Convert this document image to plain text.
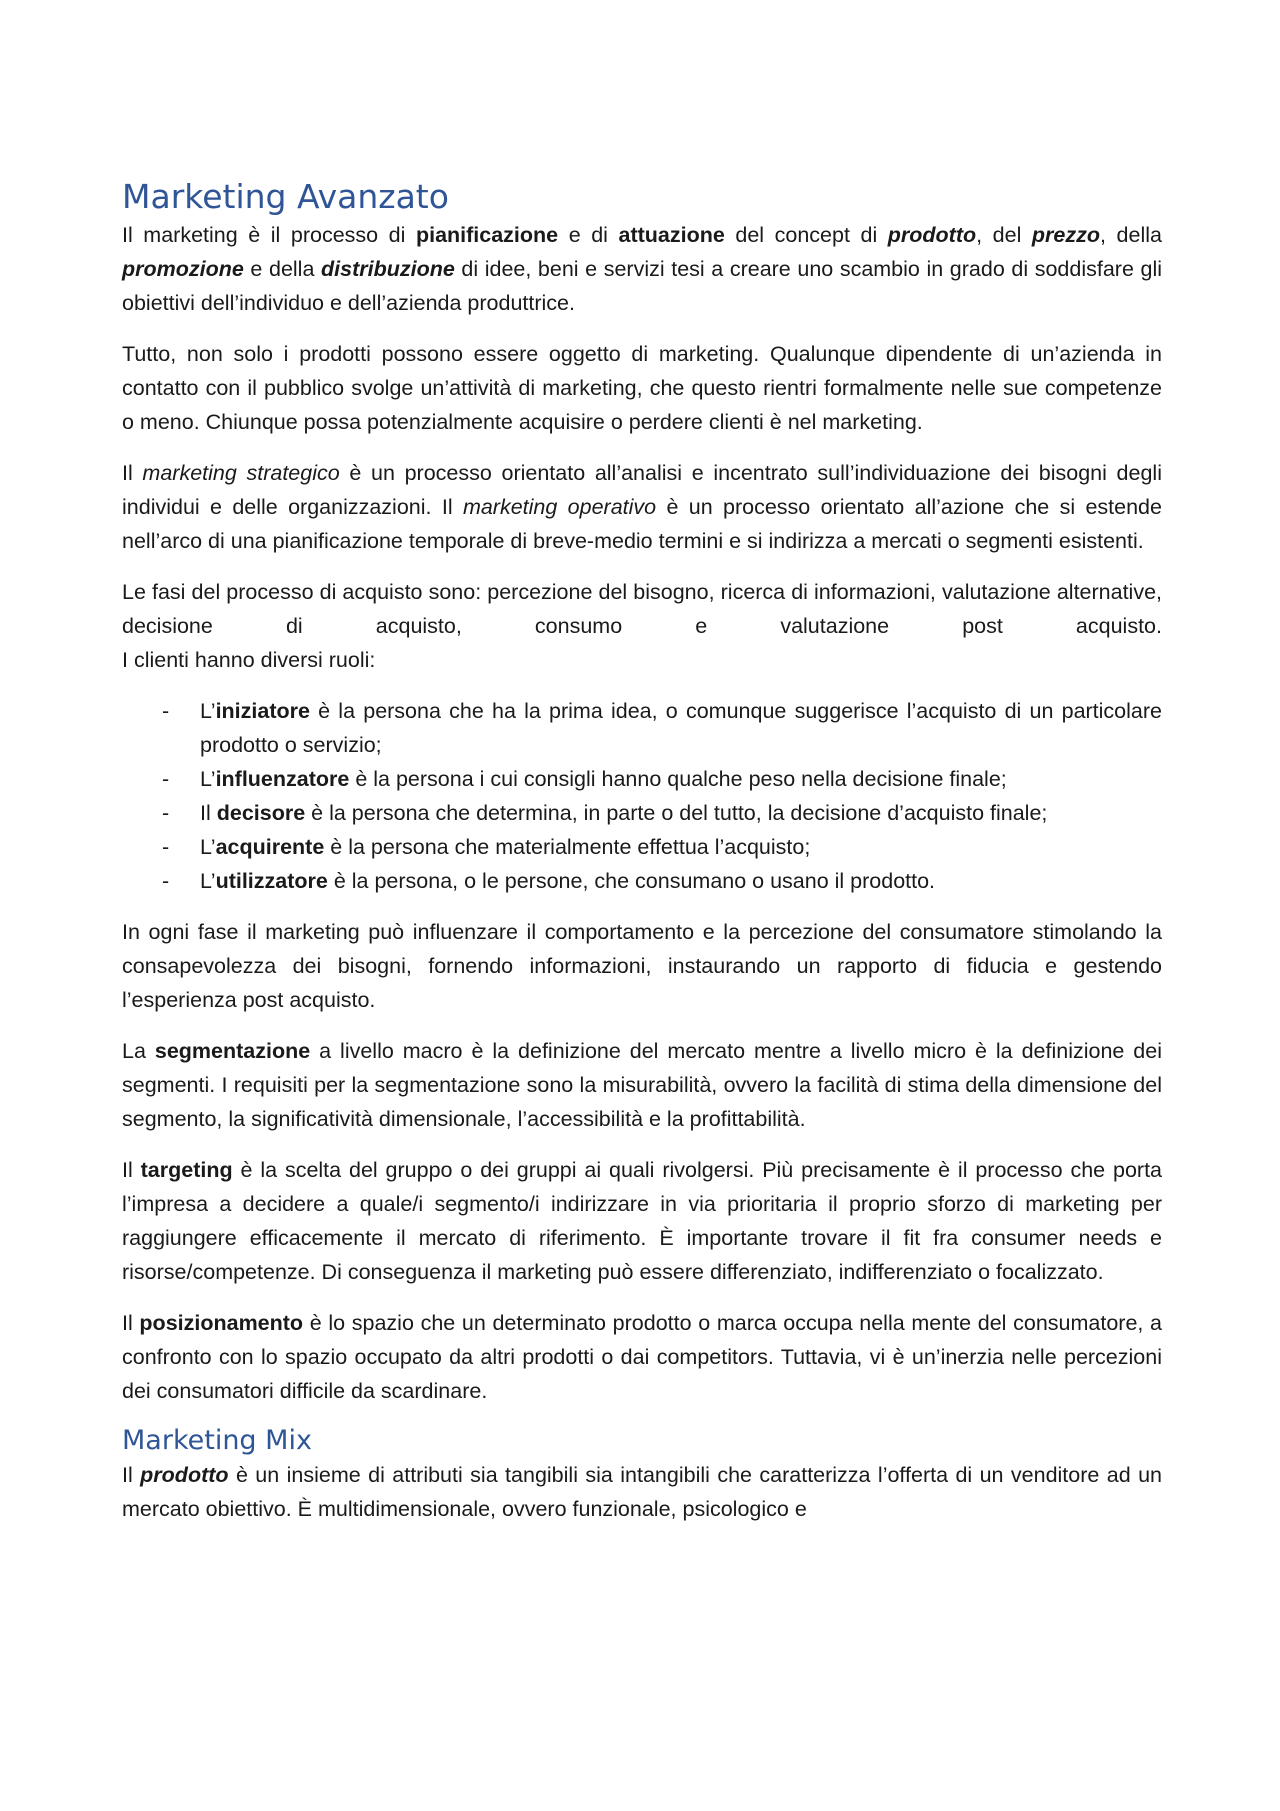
Marketing Avanzato

Il marketing è il processo di pianificazione e di attuazione del concept di prodotto, del prezzo, della promozione e della distribuzione di idee, beni e servizi tesi a creare uno scambio in grado di soddisfare gli obiettivi dell’individuo e dell’azienda produttrice.

Tutto, non solo i prodotti possono essere oggetto di marketing. Qualunque dipendente di un’azienda in contatto con il pubblico svolge un’attività di marketing, che questo rientri formalmente nelle sue competenze o meno. Chiunque possa potenzialmente acquisire o perdere clienti è nel marketing.

Il marketing strategico è un processo orientato all’analisi e incentrato sull’individuazione dei bisogni degli individui e delle organizzazioni. Il marketing operativo è un processo orientato all’azione che si estende nell’arco di una pianificazione temporale di breve-medio termini e si indirizza a mercati o segmenti esistenti.

Le fasi del processo di acquisto sono: percezione del bisogno, ricerca di informazioni, valutazione alternative, decisione di acquisto, consumo e valutazione post acquisto.
I clienti hanno diversi ruoli:

- L’iniziatore è la persona che ha la prima idea, o comunque suggerisce l’acquisto di un particolare prodotto o servizio;
- L’influenzatore è la persona i cui consigli hanno qualche peso nella decisione finale;
- Il decisore è la persona che determina, in parte o del tutto, la decisione d’acquisto finale;
- L’acquirente è la persona che materialmente effettua l’acquisto;
- L’utilizzatore è la persona, o le persone, che consumano o usano il prodotto.

In ogni fase il marketing può influenzare il comportamento e la percezione del consumatore stimolando la consapevolezza dei bisogni, fornendo informazioni, instaurando un rapporto di fiducia e gestendo l’esperienza post acquisto.

La segmentazione a livello macro è la definizione del mercato mentre a livello micro è la definizione dei segmenti. I requisiti per la segmentazione sono la misurabilità, ovvero la facilità di stima della dimensione del segmento, la significatività dimensionale, l’accessibilità e la profittabilità.

Il targeting è la scelta del gruppo o dei gruppi ai quali rivolgersi. Più precisamente è il processo che porta l’impresa a decidere a quale/i segmento/i indirizzare in via prioritaria il proprio sforzo di marketing per raggiungere efficacemente il mercato di riferimento. È importante trovare il fit fra consumer needs e risorse/competenze. Di conseguenza il marketing può essere differenziato, indifferenziato o focalizzato.

Il posizionamento è lo spazio che un determinato prodotto o marca occupa nella mente del consumatore, a confronto con lo spazio occupato da altri prodotti o dai competitors. Tuttavia, vi è un’inerzia nelle percezioni dei consumatori difficile da scardinare.

Marketing Mix

Il prodotto è un insieme di attributi sia tangibili sia intangibili che caratterizza l’offerta di un venditore ad un mercato obiettivo. È multidimensionale, ovvero funzionale, psicologico e
